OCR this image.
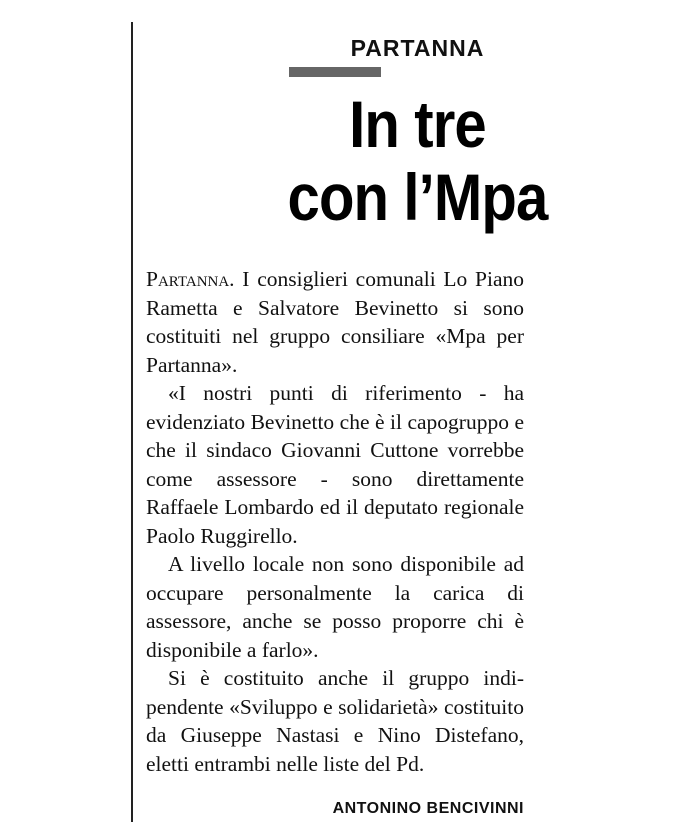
PARTANNA
In tre
con l’Mpa

Partanna. I consiglieri comunali Lo Piano Rametta e Salvatore Bevinetto si sono costituiti nel gruppo consiliare «Mpa per Partanna».

«I nostri punti di riferimento - ha evidenziato Bevinetto che è il capogruppo e che il sindaco Giovanni Cuttone vorrebbe come assessore - sono direttamente Raffaele Lombardo ed il deputato regionale Paolo Ruggirello.

A livello locale non sono disponibile ad occupare personalmente la carica di assessore, anche se posso proporre chi è disponibile a farlo».

Si è costituito anche il gruppo indipendente «Sviluppo e solidarietà» costituito da Giuseppe Nastasi e Nino Distefano, eletti entrambi nelle liste del Pd.

ANTONINO BENCIVINNI
